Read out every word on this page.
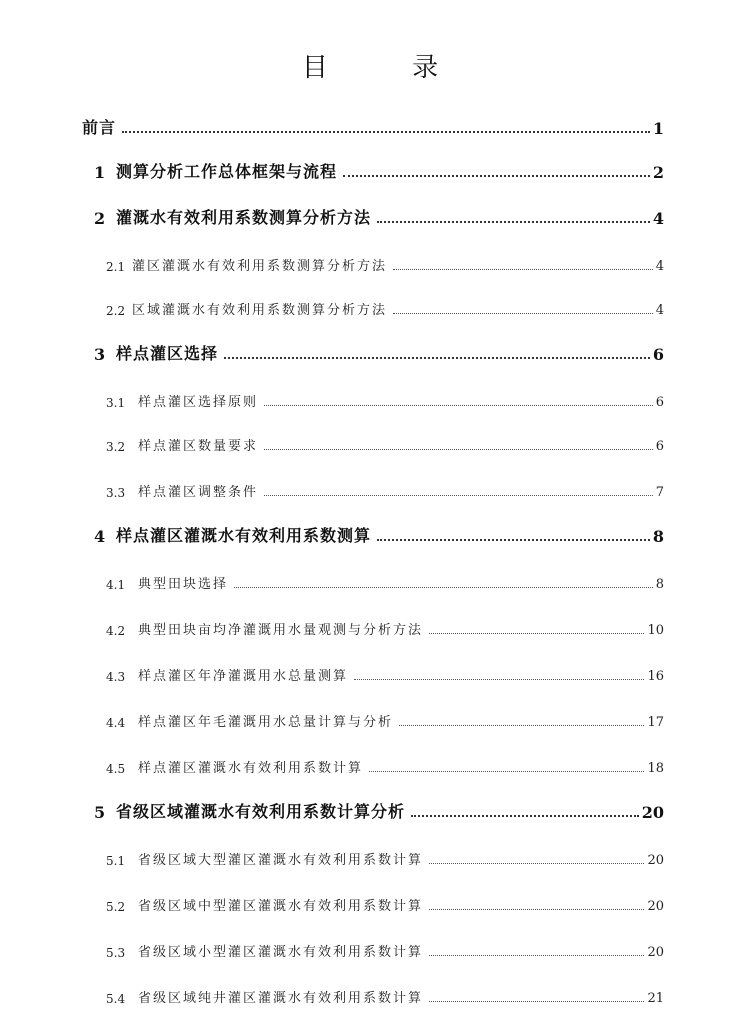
目 录
前言	1
1 测算分析工作总体框架与流程	2
2 灌溉水有效利用系数测算分析方法	4
2.1 灌区灌溉水有效利用系数测算分析方法	4
2.2 区域灌溉水有效利用系数测算分析方法	4
3 样点灌区选择	6
3.1 样点灌区选择原则	6
3.2 样点灌区数量要求	6
3.3 样点灌区调整条件	7
4 样点灌区灌溉水有效利用系数测算	8
4.1 典型田块选择	8
4.2 典型田块亩均净灌溉用水量观测与分析方法	10
4.3 样点灌区年净灌溉用水总量测算	16
4.4 样点灌区年毛灌溉用水总量计算与分析	17
4.5 样点灌区灌溉水有效利用系数计算	18
5 省级区域灌溉水有效利用系数计算分析	20
5.1 省级区域大型灌区灌溉水有效利用系数计算	20
5.2 省级区域中型灌区灌溉水有效利用系数计算	20
5.3 省级区域小型灌区灌溉水有效利用系数计算	20
5.4 省级区域纯井灌区灌溉水有效利用系数计算	21
